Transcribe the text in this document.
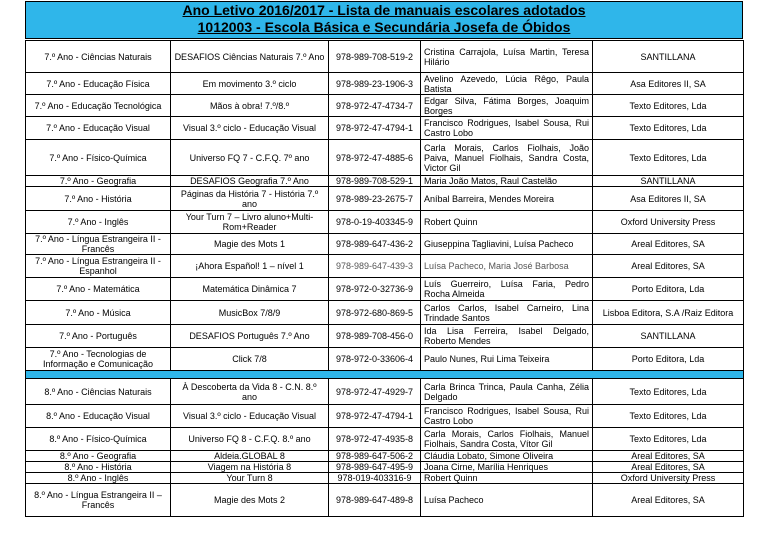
Ano Letivo 2016/2017 - Lista de manuais escolares adotados
1012003 - Escola Básica e Secundária Josefa de Óbidos
7.º Ano - Ciências Naturais	DESAFIOS Ciências Naturais 7.º Ano	978-989-708-519-2	Cristina Carrajola, Luísa Martin, Teresa Hilário	SANTILLANA
7.º Ano - Educação Física	Em movimento 3.º ciclo	978-989-23-1906-3	Avelino Azevedo, Lúcia Rêgo, Paula Batista	Asa Editores II, SA
7.º Ano - Educação Tecnológica	Mãos à obra! 7.º/8.º	978-972-47-4734-7	Edgar Silva, Fátima Borges, Joaquim Borges	Texto Editores, Lda
7.º Ano - Educação Visual	Visual 3.º ciclo - Educação Visual	978-972-47-4794-1	Francisco Rodrigues, Isabel Sousa, Rui Castro Lobo	Texto Editores, Lda
7.º Ano - Físico-Química	Universo FQ 7 - C.F.Q. 7º ano	978-972-47-4885-6	Carla Morais, Carlos Fiolhais, João Paiva, Manuel Fiolhais, Sandra Costa, Victor Gil	Texto Editores, Lda
7.º Ano - Geografia	DESAFIOS Geografia 7.º Ano	978-989-708-529-1	Maria João Matos, Raul Castelão	SANTILLANA
7.º Ano - História	Páginas da História 7 - História 7.º ano	978-989-23-2675-7	Aníbal Barreira, Mendes Moreira	Asa Editores II, SA
7.º Ano - Inglês	Your Turn 7 – Livro aluno+Multi-Rom+Reader	978-0-19-403345-9	Robert Quinn	Oxford University Press
7.º Ano - Língua Estrangeira II - Francês	Magie des Mots 1	978-989-647-436-2	Giuseppina Tagliavini, Luísa Pacheco	Areal Editores, SA
7.º Ano - Língua Estrangeira II - Espanhol	¡Ahora Español! 1 – nível 1	978-989-647-439-3	Luísa Pacheco, Maria José Barbosa	Areal Editores, SA
7.º Ano - Matemática	Matemática Dinâmica 7	978-972-0-32736-9	Luís Guerreiro, Luísa Faria, Pedro Rocha Almeida	Porto Editora, Lda
7.º Ano - Música	MusicBox 7/8/9	978-972-680-869-5	Carlos Carlos, Isabel Carneiro, Lina Trindade Santos	Lisboa Editora, S.A /Raiz Editora
7.º Ano - Português	DESAFIOS Português 7.º Ano	978-989-708-456-0	Ida Lisa Ferreira, Isabel Delgado, Roberto Mendes	SANTILLANA
7.º Ano - Tecnologias de Informação e Comunicação	Click 7/8	978-972-0-33606-4	Paulo Nunes, Rui Lima Teixeira	Porto Editora, Lda

8.º Ano - Ciências Naturais	À Descoberta da Vida 8 - C.N. 8.º ano	978-972-47-4929-7	Carla Brinca Trinca, Paula Canha, Zélia Delgado	Texto Editores, Lda
8.º Ano - Educação Visual	Visual 3.º ciclo - Educação Visual	978-972-47-4794-1	Francisco Rodrigues, Isabel Sousa, Rui Castro Lobo	Texto Editores, Lda
8.º Ano - Físico-Química	Universo FQ 8 - C.F.Q. 8.º ano	978-972-47-4935-8	Carla Morais, Carlos Fiolhais, Manuel Fiolhais, Sandra Costa, Vítor Gil	Texto Editores, Lda
8.º Ano - Geografia	Aldeia.GLOBAL 8	978-989-647-506-2	Cláudia Lobato, Simone Oliveira	Areal Editores, SA
8.º Ano - História	Viagem na História 8	978-989-647-495-9	Joana Cirne, Marília Henriques	Areal Editores, SA
8.º Ano - Inglês	Your Turn 8	978-019-403316-9	Robert Quinn	Oxford University Press
8.º Ano - Língua Estrangeira II – Francês	Magie des Mots 2	978-989-647-489-8	Luísa Pacheco	Areal Editores, SA
